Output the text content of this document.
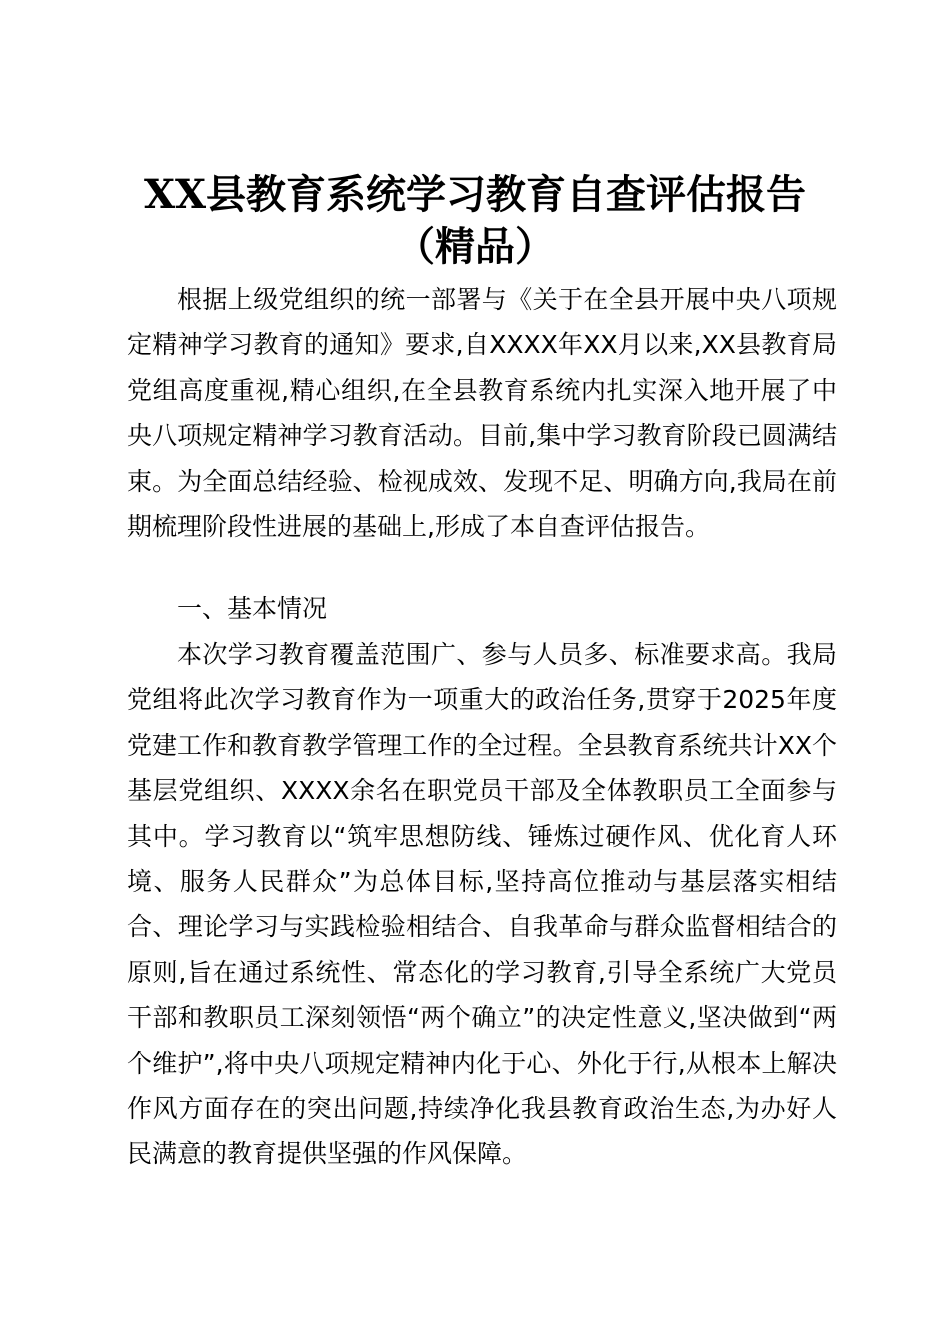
XX县教育系统学习教育自查评估报告
（精品）

根据上级党组织的统一部署与《关于在全县开展中央八项规定精神学习教育的通知》要求,自XXXX年XX月以来,XX县教育局党组高度重视,精心组织,在全县教育系统内扎实深入地开展了中央八项规定精神学习教育活动。目前,集中学习教育阶段已圆满结束。为全面总结经验、检视成效、发现不足、明确方向,我局在前期梳理阶段性进展的基础上,形成了本自查评估报告。

一、基本情况

本次学习教育覆盖范围广、参与人员多、标准要求高。我局党组将此次学习教育作为一项重大的政治任务,贯穿于2025年度党建工作和教育教学管理工作的全过程。全县教育系统共计XX个基层党组织、XXXX余名在职党员干部及全体教职员工全面参与其中。学习教育以“筑牢思想防线、锤炼过硬作风、优化育人环境、服务人民群众”为总体目标,坚持高位推动与基层落实相结合、理论学习与实践检验相结合、自我革命与群众监督相结合的原则,旨在通过系统性、常态化的学习教育,引导全系统广大党员干部和教职员工深刻领悟“两个确立”的决定性意义,坚决做到“两个维护”,将中央八项规定精神内化于心、外化于行,从根本上解决作风方面存在的突出问题,持续净化我县教育政治生态,为办好人民满意的教育提供坚强的作风保障。
